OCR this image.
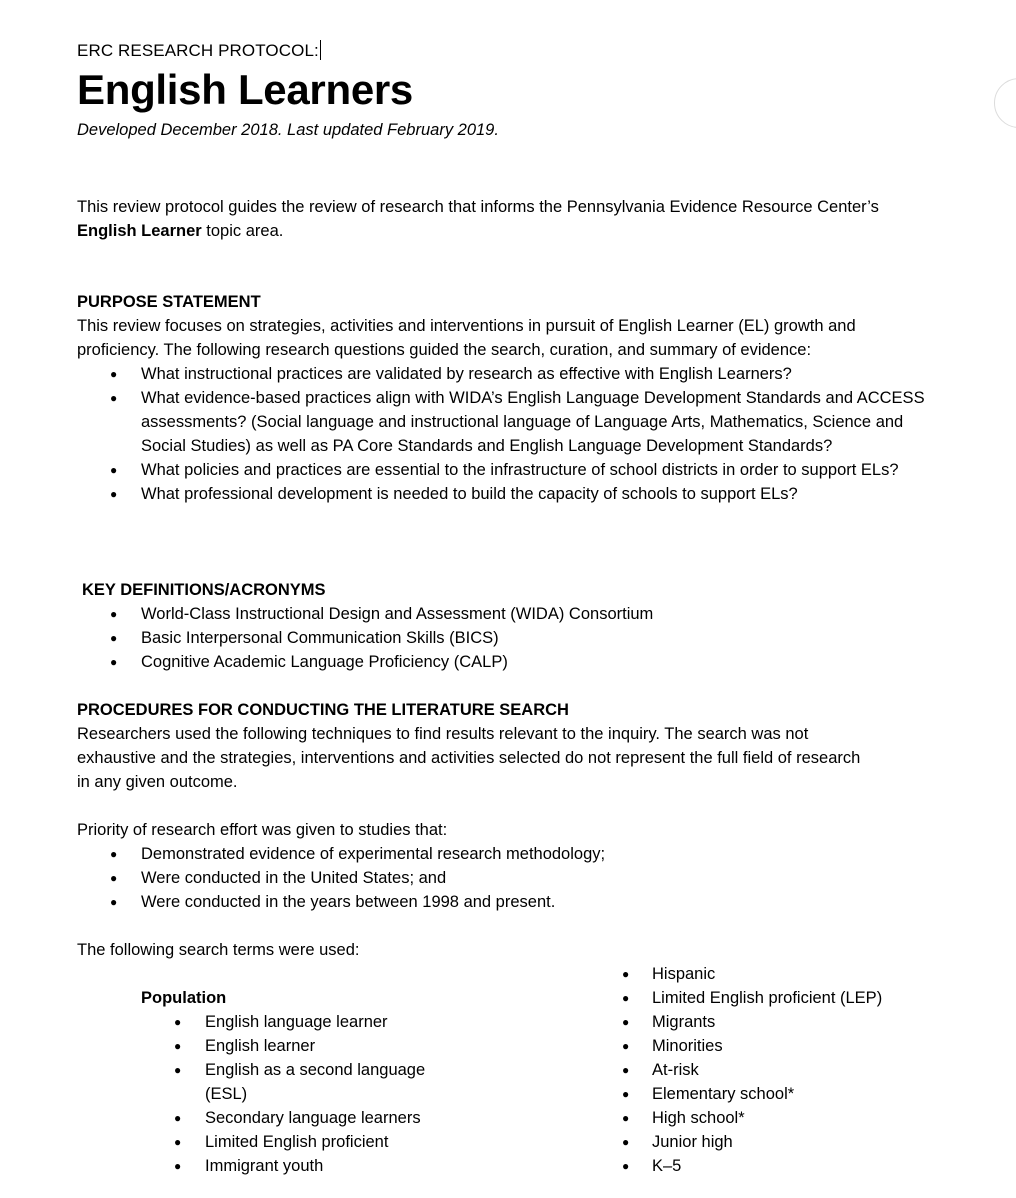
ERC RESEARCH PROTOCOL:
English Learners
Developed December 2018. Last updated February 2019.
This review protocol guides the review of research that informs the Pennsylvania Evidence Resource Center’s English Learner topic area.
PURPOSE STATEMENT
This review focuses on strategies, activities and interventions in pursuit of English Learner (EL) growth and proficiency. The following research questions guided the search, curation, and summary of evidence:
● What instructional practices are validated by research as effective with English Learners?
● What evidence-based practices align with WIDA’s English Language Development Standards and ACCESS assessments? (Social language and instructional language of Language Arts, Mathematics, Science and Social Studies) as well as PA Core Standards and English Language Development Standards?
● What policies and practices are essential to the infrastructure of school districts in order to support ELs?
● What professional development is needed to build the capacity of schools to support ELs?
KEY DEFINITIONS/ACRONYMS
● World-Class Instructional Design and Assessment (WIDA) Consortium
● Basic Interpersonal Communication Skills (BICS)
● Cognitive Academic Language Proficiency (CALP)
PROCEDURES FOR CONDUCTING THE LITERATURE SEARCH
Researchers used the following techniques to find results relevant to the inquiry. The search was not exhaustive and the strategies, interventions and activities selected do not represent the full field of research in any given outcome.
Priority of research effort was given to studies that:
● Demonstrated evidence of experimental research methodology;
● Were conducted in the United States; and
● Were conducted in the years between 1998 and present.
The following search terms were used:
Population
● English language learner
● English learner
● English as a second language (ESL)
● Secondary language learners
● Limited English proficient
● Immigrant youth
● Hispanic
● Limited English proficient (LEP)
● Migrants
● Minorities
● At-risk
● Elementary school*
● High school*
● Junior high
● K–5
